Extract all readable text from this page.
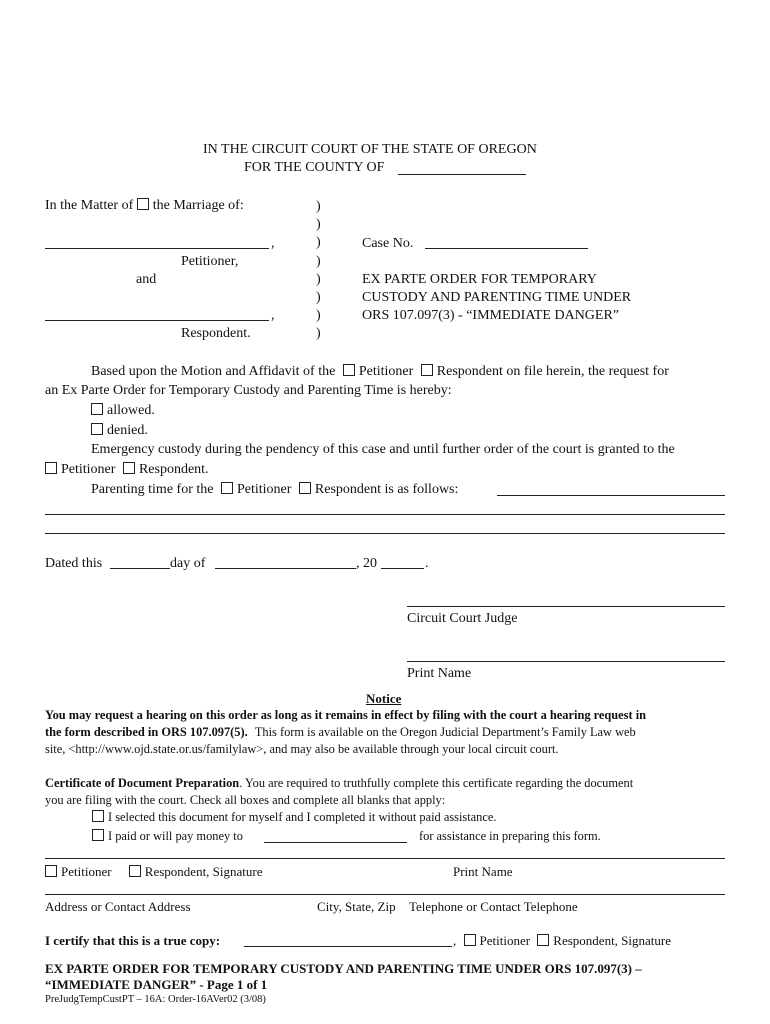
IN THE CIRCUIT COURT OF THE STATE OF OREGON
FOR THE COUNTY OF
In the Matter of the Marriage of:
,
Petitioner,
and
,
Respondent.
)
)
)
)
)
)
)
)
Case No.
EX PARTE ORDER FOR TEMPORARY
CUSTODY AND PARENTING TIME UNDER
ORS 107.097(3) - “IMMEDIATE DANGER”
Based upon the Motion and Affidavit of the Petitioner Respondent on file herein, the request for
an Ex Parte Order for Temporary Custody and Parenting Time is hereby:
allowed.
denied.
Emergency custody during the pendency of this case and until further order of the court is granted to the
Petitioner Respondent.
Parenting time for the Petitioner Respondent is as follows:
Dated this	day of	, 20	.
Circuit Court Judge
Print Name
Notice
You may request a hearing on this order as long as it remains in effect by filing with the court a hearing request in
the form described in ORS 107.097(5). This form is available on the Oregon Judicial Department’s Family Law web
site, <http://www.ojd.state.or.us/familylaw>, and may also be available through your local circuit court.
Certificate of Document Preparation. You are required to truthfully complete this certificate regarding the document
you are filing with the court. Check all boxes and complete all blanks that apply:
I selected this document for myself and I completed it without paid assistance.
I paid or will pay money to	for assistance in preparing this form.
Petitioner	Respondent, Signature	Print Name
Address or Contact Address	City, State, Zip Telephone or Contact Telephone
I certify that this is a true copy:	, Petitioner Respondent, Signature
EX PARTE ORDER FOR TEMPORARY CUSTODY AND PARENTING TIME UNDER ORS 107.097(3) –
“IMMEDIATE DANGER” - Page 1 of 1
PreJudgTempCustPT – 16A: Order-16AVer02 (3/08)
